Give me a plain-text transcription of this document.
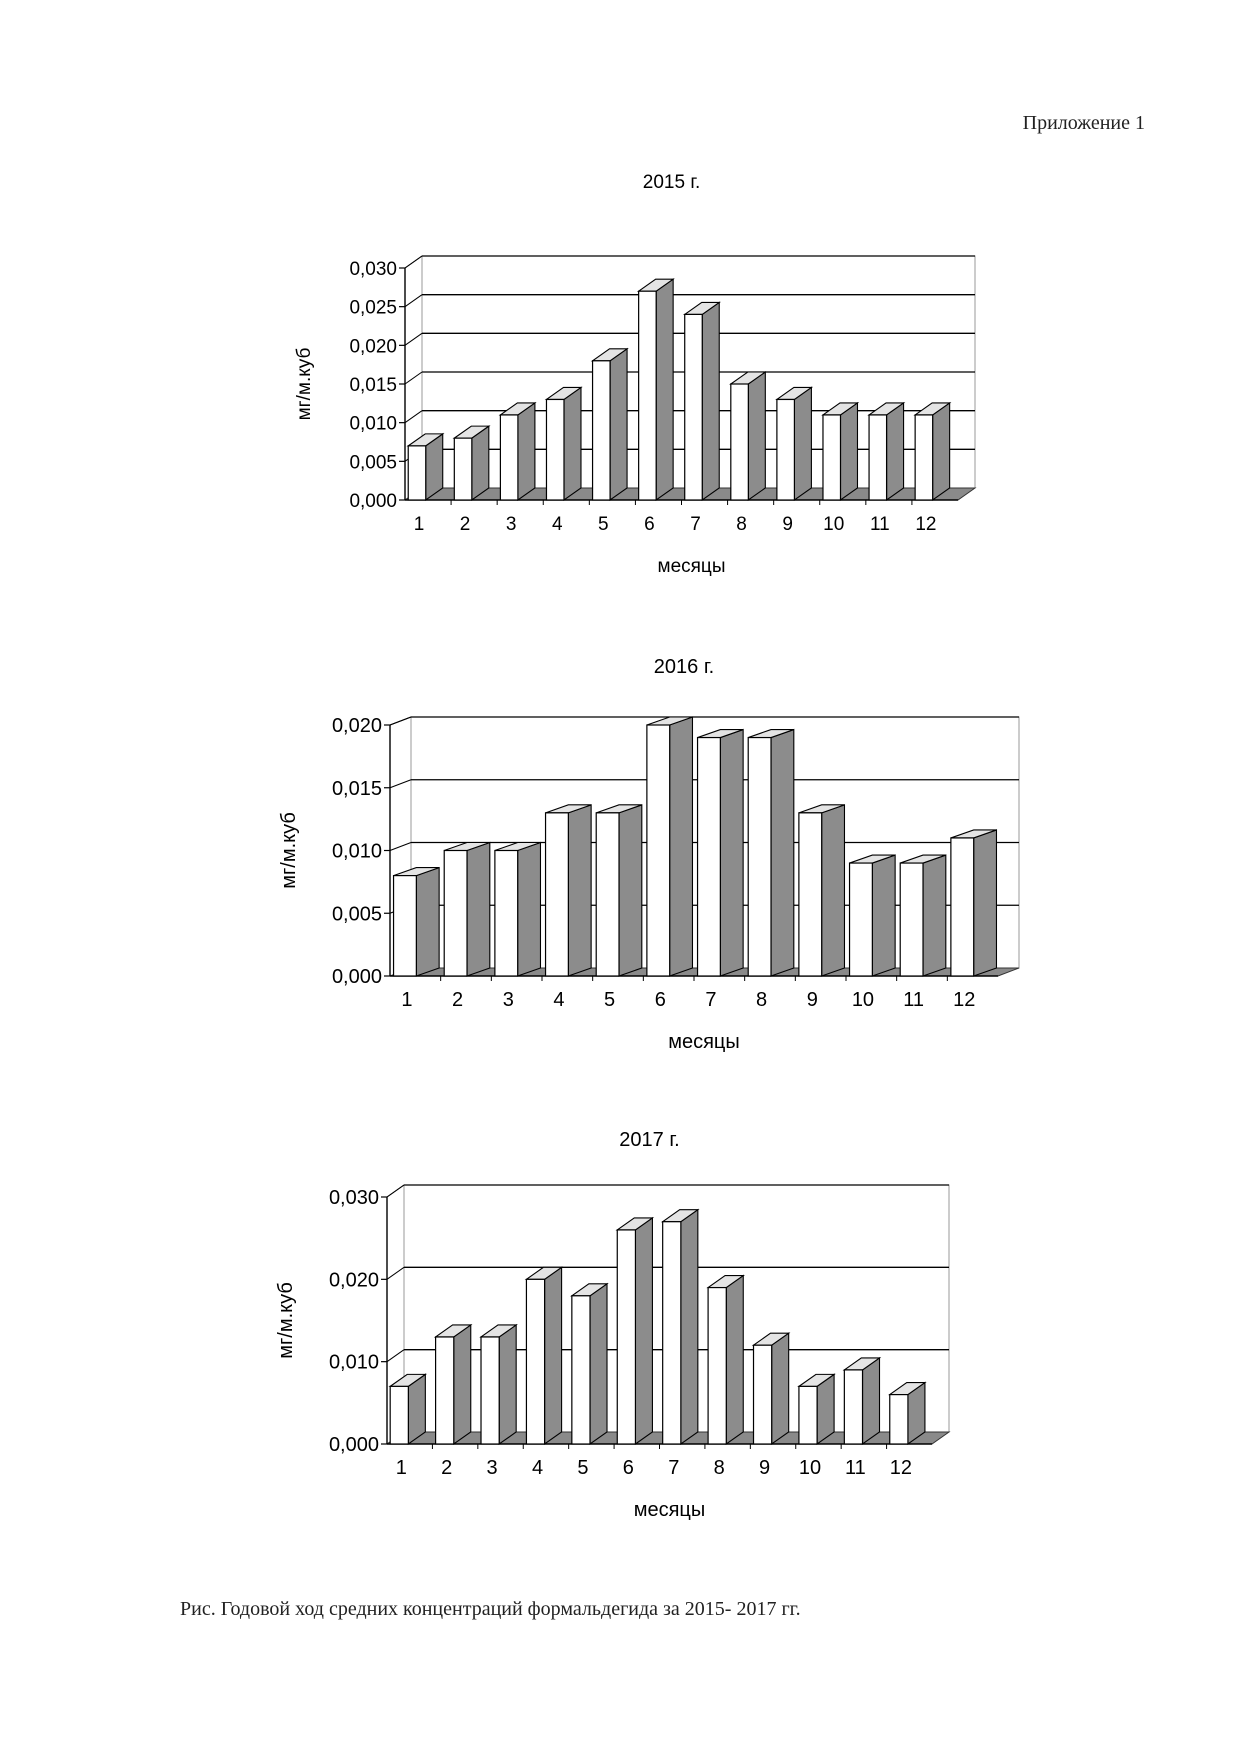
Приложение 1
2015 г.
0,000
0,005
0,010
0,015
0,020
0,025
0,030
мг/м.куб
1 2 3 4 5 6 7 8 9 10 11 12
месяцы
2016 г.
0,000
0,005
0,010
0,015
0,020
мг/м.куб
1 2 3 4 5 6 7 8 9 10 11 12
месяцы
2017 г.
0,000
0,010
0,020
0,030
мг/м.куб
1 2 3 4 5 6 7 8 9 10 11 12
месяцы
Рис. Годовой ход средних концентраций формальдегида за 2015- 2017 гг.
